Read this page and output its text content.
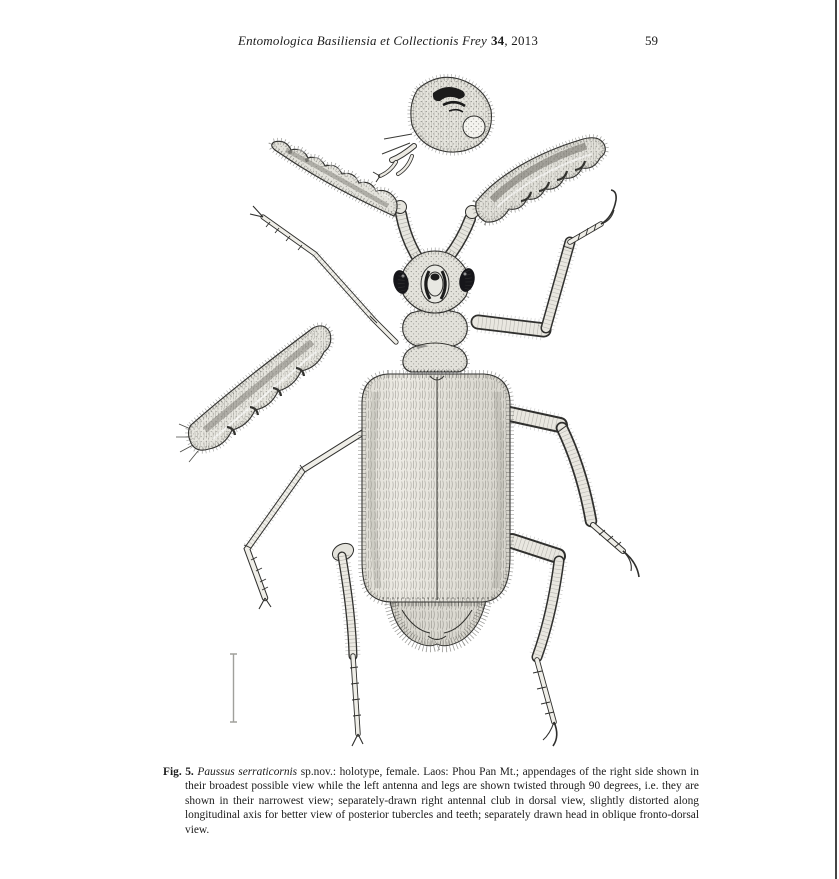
Entomologica Basiliensia et Collectionis Frey 34, 2013	59

Fig. 5. Paussus serraticornis sp.nov.: holotype, female. Laos: Phou Pan Mt.; appendages of the right side shown in their broadest possible view while the left antenna and legs are shown twisted through 90 degrees, i.e. they are shown in their narrowest view; separately-drawn right antennal club in dorsal view, slightly distorted along longitudinal axis for better view of posterior tubercles and teeth; separately drawn head in oblique fronto-dorsal view.
